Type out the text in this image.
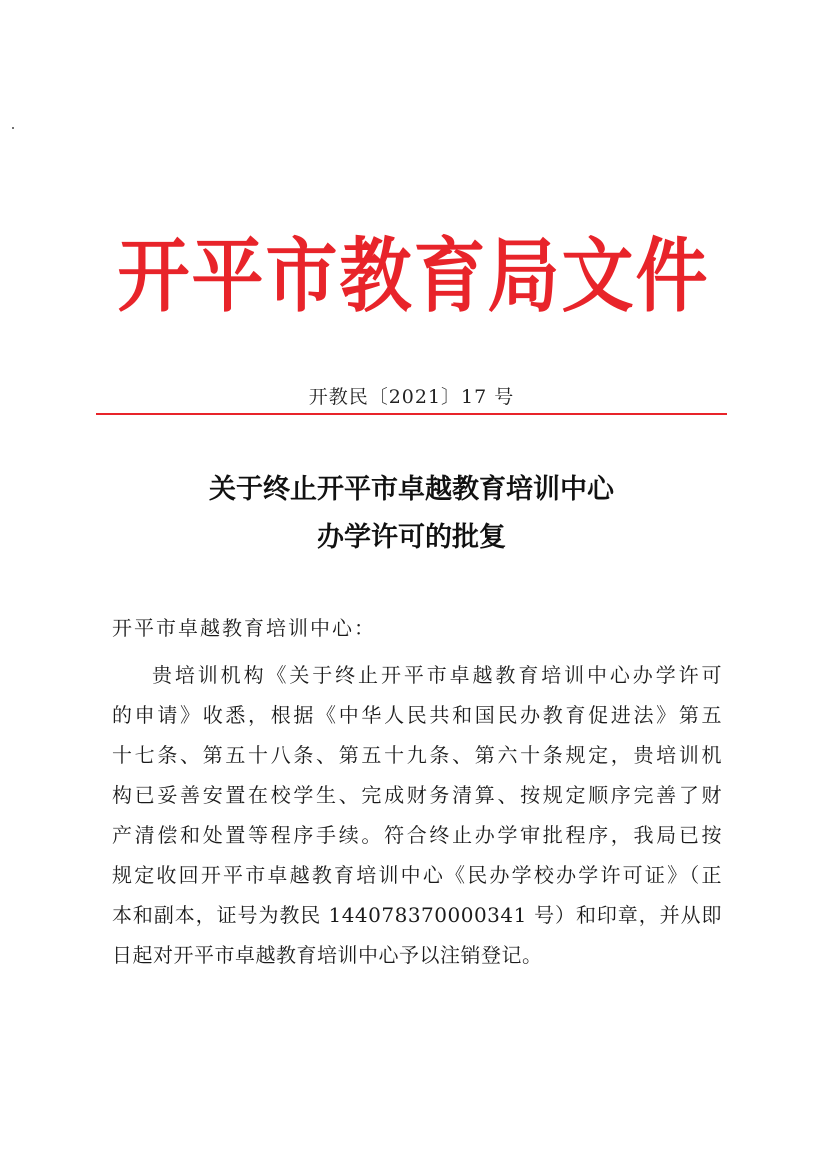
开平市教育局文件
开教民〔2021〕17 号
关于终止开平市卓越教育培训中心
办学许可的批复
开平市卓越教育培训中心：
贵培训机构《关于终止开平市卓越教育培训中心办学许可
的申请》收悉，根据《中华人民共和国民办教育促进法》第五
十七条、第五十八条、第五十九条、第六十条规定，贵培训机
构已妥善安置在校学生、完成财务清算、按规定顺序完善了财
产清偿和处置等程序手续。符合终止办学审批程序，我局已按
规定收回开平市卓越教育培训中心《民办学校办学许可证》（正
本和副本，证号为教民 144078370000341 号）和印章，并从即
日起对开平市卓越教育培训中心予以注销登记。
